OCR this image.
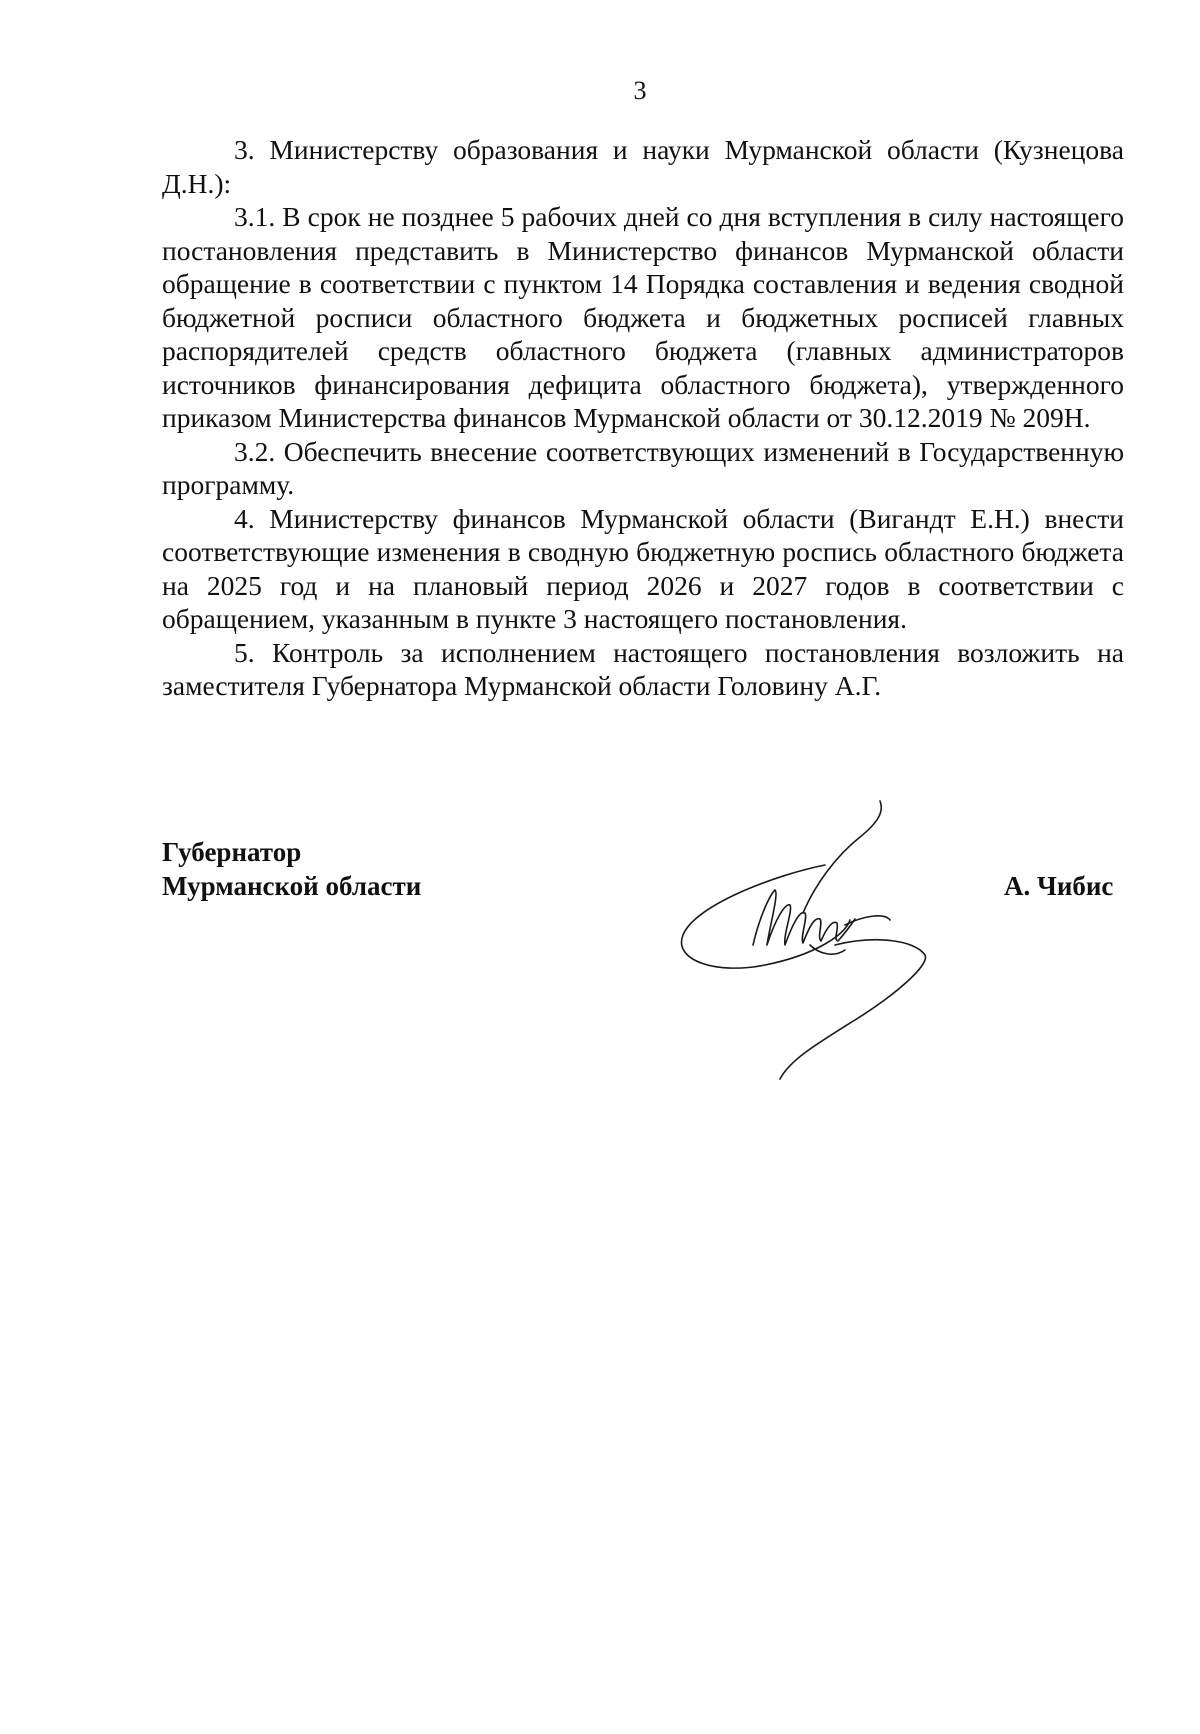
3

3. Министерству образования и науки Мурманской области (Кузнецова Д.Н.):

3.1. В срок не позднее 5 рабочих дней со дня вступления в силу настоящего постановления представить в Министерство финансов Мурманской области обращение в соответствии с пунктом 14 Порядка составления и ведения сводной бюджетной росписи областного бюджета и бюджетных росписей главных распорядителей средств областного бюджета (главных администраторов источников финансирования дефицита областного бюджета), утвержденного приказом Министерства финансов Мурманской области от 30.12.2019 № 209Н.

3.2. Обеспечить внесение соответствующих изменений в Государственную программу.

4. Министерству финансов Мурманской области (Вигандт Е.Н.) внести соответствующие изменения в сводную бюджетную роспись областного бюджета на 2025 год и на плановый период 2026 и 2027 годов в соответствии с обращением, указанным в пункте 3 настоящего постановления.

5. Контроль за исполнением настоящего постановления возложить на заместителя Губернатора Мурманской области Головину А.Г.

Губернатор
Мурманской области	А. Чибис
